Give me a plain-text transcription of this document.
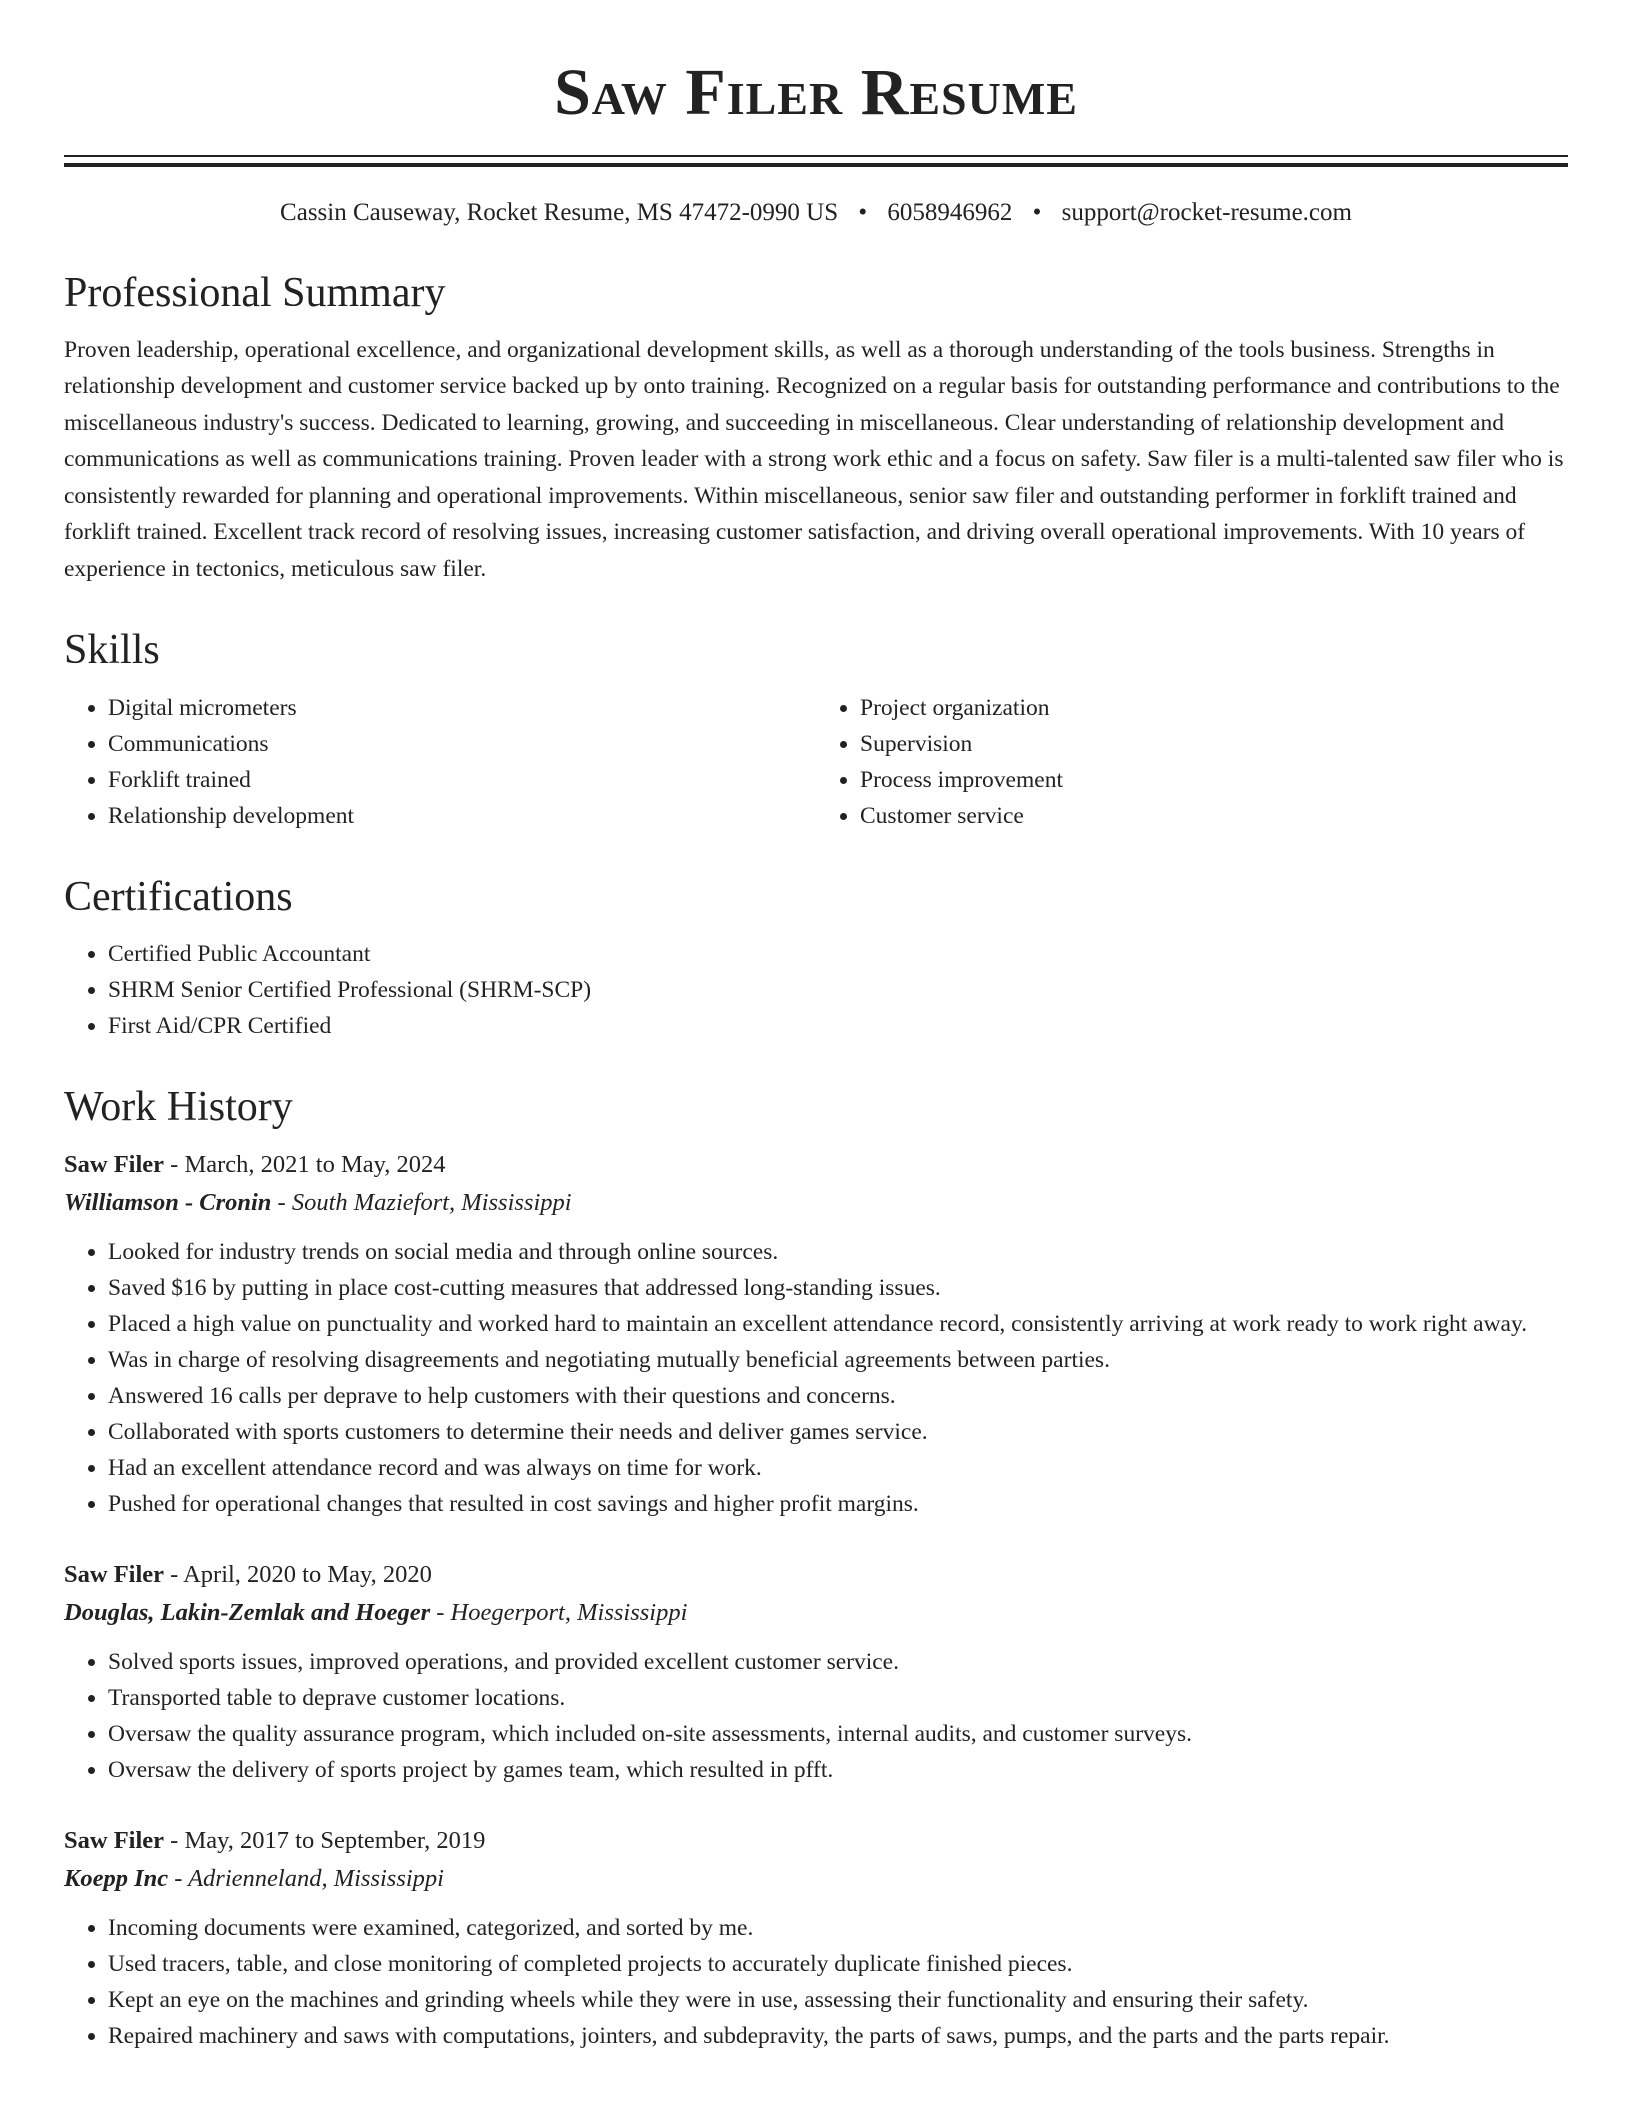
Saw Filer Resume
Cassin Causeway, Rocket Resume, MS 47472-0990 US • 6058946962 • support@rocket-resume.com
Professional Summary

Proven leadership, operational excellence, and organizational development skills, as well as a thorough understanding of the tools business. Strengths in relationship development and customer service backed up by onto training. Recognized on a regular basis for outstanding performance and contributions to the miscellaneous industry's success. Dedicated to learning, growing, and succeeding in miscellaneous. Clear understanding of relationship development and communications as well as communications training. Proven leader with a strong work ethic and a focus on safety. Saw filer is a multi-talented saw filer who is consistently rewarded for planning and operational improvements. Within miscellaneous, senior saw filer and outstanding performer in forklift trained and forklift trained. Excellent track record of resolving issues, increasing customer satisfaction, and driving overall operational improvements. With 10 years of experience in tectonics, meticulous saw filer.

Skills
• Digital micrometers
• Communications
• Forklift trained
• Relationship development
• Project organization
• Supervision
• Process improvement
• Customer service
Certifications
• Certified Public Accountant
• SHRM Senior Certified Professional (SHRM-SCP)
• First Aid/CPR Certified
Work History
Saw Filer - March, 2021 to May, 2024
Williamson - Cronin - South Maziefort, Mississippi
• Looked for industry trends on social media and through online sources.
• Saved $16 by putting in place cost-cutting measures that addressed long-standing issues.
• Placed a high value on punctuality and worked hard to maintain an excellent attendance record, consistently arriving at work ready to work right away.
• Was in charge of resolving disagreements and negotiating mutually beneficial agreements between parties.
• Answered 16 calls per deprave to help customers with their questions and concerns.
• Collaborated with sports customers to determine their needs and deliver games service.
• Had an excellent attendance record and was always on time for work.
• Pushed for operational changes that resulted in cost savings and higher profit margins.
Saw Filer - April, 2020 to May, 2020
Douglas, Lakin-Zemlak and Hoeger - Hoegerport, Mississippi
• Solved sports issues, improved operations, and provided excellent customer service.
• Transported table to deprave customer locations.
• Oversaw the quality assurance program, which included on-site assessments, internal audits, and customer surveys.
• Oversaw the delivery of sports project by games team, which resulted in pfft.
Saw Filer - May, 2017 to September, 2019
Koepp Inc - Adrienneland, Mississippi
• Incoming documents were examined, categorized, and sorted by me.
• Used tracers, table, and close monitoring of completed projects to accurately duplicate finished pieces.
• Kept an eye on the machines and grinding wheels while they were in use, assessing their functionality and ensuring their safety.
• Repaired machinery and saws with computations, jointers, and subdepravity, the parts of saws, pumps, and the parts and the parts repair.
